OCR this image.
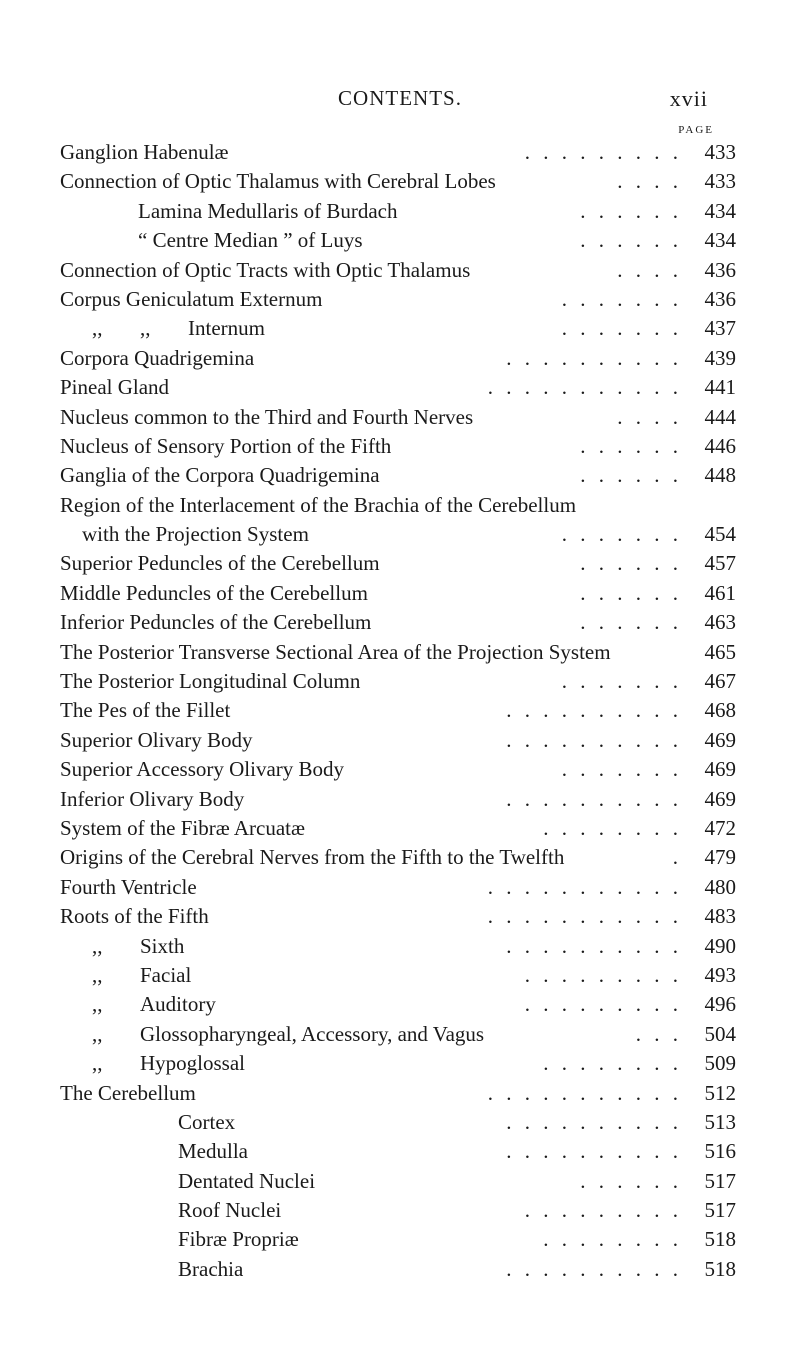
CONTENTS.	xvii
PAGE
Ganglion Habenulæ	. . . . . . . . .	433
Connection of Optic Thalamus with Cerebral Lobes	. . . .	433
Lamina Medullaris of Burdach	. . . . . .	434
“ Centre Median ” of Luys	. . . . . .	434
Connection of Optic Tracts with Optic Thalamus	. . . .	436
Corpus Geniculatum Externum	. . . . . . .	436
,, ,, Internum	. . . . . . .	437
Corpora Quadrigemina	. . . . . . . . . .	439
Pineal Gland	. . . . . . . . . . .	441
Nucleus common to the Third and Fourth Nerves	. . . .	444
Nucleus of Sensory Portion of the Fifth	. . . . . .	446
Ganglia of the Corpora Quadrigemina	. . . . . .	448
Region of the Interlacement of the Brachia of the Cerebellum
with the Projection System	. . . . . . .	454
Superior Peduncles of the Cerebellum	. . . . . .	457
Middle Peduncles of the Cerebellum	. . . . . .	461
Inferior Peduncles of the Cerebellum	. . . . . .	463
The Posterior Transverse Sectional Area of the Projection System	465
The Posterior Longitudinal Column	. . . . . . .	467
The Pes of the Fillet	. . . . . . . . . .	468
Superior Olivary Body	. . . . . . . . . .	469
Superior Accessory Olivary Body	. . . . . . .	469
Inferior Olivary Body	. . . . . . . . . .	469
System of the Fibræ Arcuatæ	. . . . . . . .	472
Origins of the Cerebral Nerves from the Fifth to the Twelfth	.	479
Fourth Ventricle	. . . . . . . . . . .	480
Roots of the Fifth	. . . . . . . . . . .	483
,, Sixth	. . . . . . . . . .	490
,, Facial	. . . . . . . . .	493
,, Auditory	. . . . . . . . .	496
,, Glossopharyngeal, Accessory, and Vagus	. . .	504
,, Hypoglossal	. . . . . . . .	509
The Cerebellum	. . . . . . . . . . .	512
Cortex	. . . . . . . . . .	513
Medulla	. . . . . . . . . .	516
Dentated Nuclei	. . . . . .	517
Roof Nuclei	. . . . . . . . .	517
Fibræ Propriæ	. . . . . . . .	518
Brachia	. . . . . . . . . .	518
